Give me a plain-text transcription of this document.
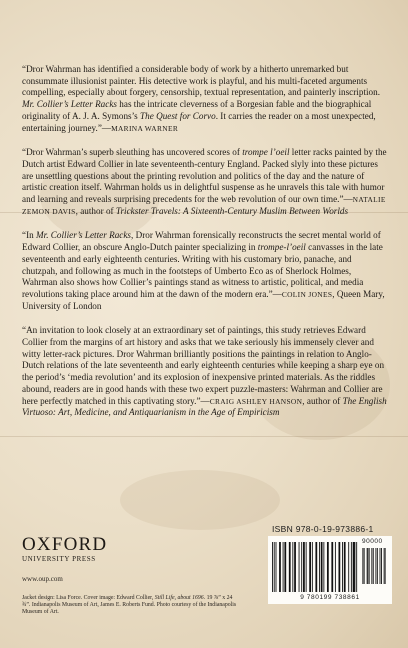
“Dror Wahrman has identified a considerable body of work by a hitherto unremarked but consummate illusionist painter. His detective work is playful, and his multi-faceted arguments compelling, especially about forgery, censorship, textual representation, and painterly inscription. Mr. Collier’s Letter Racks has the intricate cleverness of a Borgesian fable and the biographical originality of A. J. A. Symons’s The Quest for Corvo. It carries the reader on a most unexpected, entertaining journey.”—MARINA WARNER

“Dror Wahrman’s superb sleuthing has uncovered scores of trompe l’oeil letter racks painted by the Dutch artist Edward Collier in late seventeenth-century England. Packed slyly into these pictures are unsettling questions about the printing revolution and politics of the day and the nature of artistic creation itself. Wahrman holds us in delightful suspense as he unravels this tale with humor and learning and reveals surprising precedents for the web revolution of our own time.”—NATALIE ZEMON DAVIS, author of Trickster Travels: A Sixteenth-Century Muslim Between Worlds

“In Mr. Collier’s Letter Racks, Dror Wahrman forensically reconstructs the secret mental world of Edward Collier, an obscure Anglo-Dutch painter specializing in trompe-l’oeil canvasses in the late seventeenth and early eighteenth centuries. Writing with his customary brio, panache, and chutzpah, and following as much in the footsteps of Umberto Eco as of Sherlock Holmes, Wahrman also shows how Collier’s paintings stand as witness to artistic, political, and media revolutions taking place around him at the dawn of the modern era.”—COLIN JONES, Queen Mary, University of London

“An invitation to look closely at an extraordinary set of paintings, this study retrieves Edward Collier from the margins of art history and asks that we take seriously his immensely clever and witty letter-rack pictures. Dror Wahrman brilliantly positions the paintings in relation to Anglo-Dutch relations of the late seventeenth and early eighteenth centuries while keeping a sharp eye on the period’s ‘media revolution’ and its explosion of inexpensive printed materials. As the riddles abound, readers are in good hands with these two expert puzzle-masters: Wahrman and Collier are here perfectly matched in this captivating story.”—CRAIG ASHLEY HANSON, author of The English Virtuoso: Art, Medicine, and Antiquarianism in the Age of Empiricism

OXFORD
UNIVERSITY PRESS
www.oup.com
Jacket design: Lisa Force. Cover image: Edward Collier, Still Life, about 1696. 19 ⅞” x 24 ¾”. Indianapolis Museum of Art, James E. Roberts Fund. Photo courtesy of the Indianapolis Museum of Art.
ISBN 978-0-19-973886-1
90000
9 780199 738861
